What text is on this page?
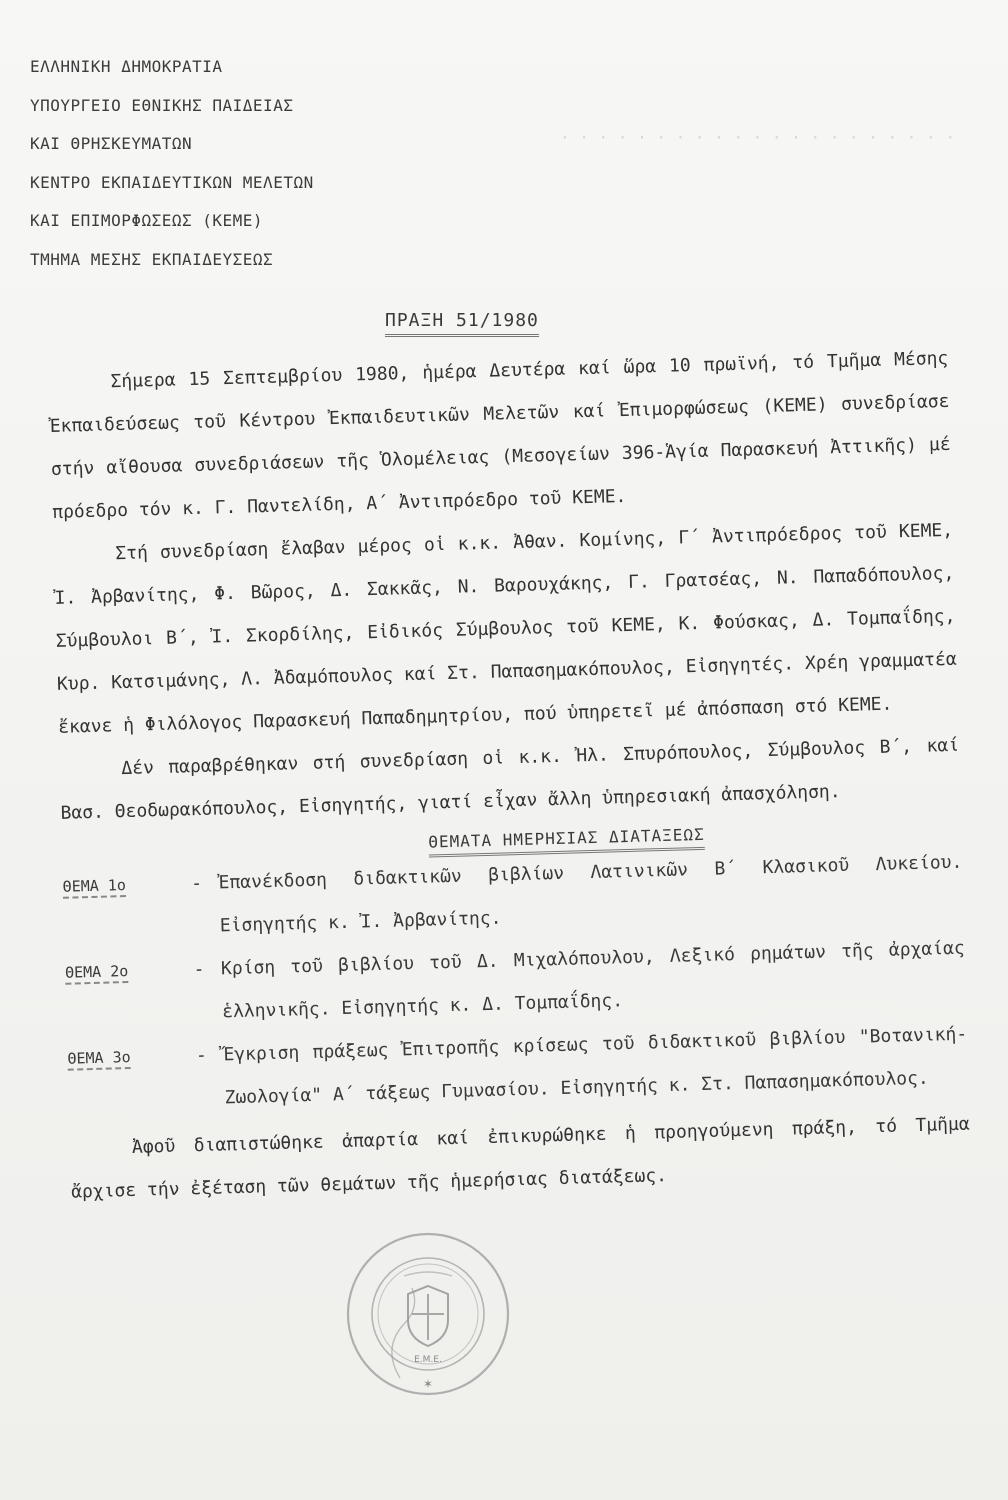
· · · · · · · · · · · · · · · · · · · · ·
ΕΛΛΗΝΙΚΗ ΔΗΜΟΚΡΑΤΙΑ
ΥΠΟΥΡΓΕΙΟ ΕΘΝΙΚΗΣ ΠΑΙΔΕΙΑΣ
ΚΑΙ ΘΡΗΣΚΕΥΜΑΤΩΝ
ΚΕΝΤΡΟ ΕΚΠΑΙΔΕΥΤΙΚΩΝ ΜΕΛΕΤΩΝ
ΚΑΙ ΕΠΙΜΟΡΦΩΣΕΩΣ (ΚΕΜΕ)
ΤΜΗΜΑ ΜΕΣΗΣ ΕΚΠΑΙΔΕΥΣΕΩΣ
ΠΡΑΞΗ 51/1980

Σήμερα 15 Σεπτεμβρίου 1980, ἡμέρα Δευτέρα καί ὥρα 10 πρωϊνή, τό Τμῆμα Μέσης Ἐκπαιδεύσεως τοῦ Κέντρου Ἐκπαιδευτικῶν Μελετῶν καί Ἐπιμορφώσεως (ΚΕΜΕ) συνεδρίασε στήν αἴθουσα συνεδριάσεων τῆς Ὁλομέλειας (Μεσογείων 396-Ἁγία Παρασκευή Ἀττικῆς) μέ πρόεδρο τόν κ. Γ. Παντελίδη, Α΄ Ἀντιπρόεδρο τοῦ ΚΕΜΕ.

Στή συνεδρίαση ἔλαβαν μέρος οἱ κ.κ. Ἀθαν. Κομίνης, Γ΄ Ἀντιπρόεδρος τοῦ ΚΕΜΕ, Ἰ. Ἀρβανίτης, Φ. Βῶρος, Δ. Σακκᾶς, Ν. Βαρουχάκης, Γ. Γρατσέας, Ν. Παπαδόπουλος, Σύμβουλοι Β΄, Ἰ. Σκορδίλης, Εἰδικός Σύμβουλος τοῦ ΚΕΜΕ, Κ. Φούσκας, Δ. Τομπαΐδης, Κυρ. Κατσιμάνης, Λ. Ἀδαμόπουλος καί Στ. Παπασημακόπουλος, Εἰσηγητές. Χρέη γραμματέα ἔκανε ἡ Φιλόλογος Παρασκευή Παπαδημητρίου, πού ὑπηρετεῖ μέ ἀπόσπαση στό ΚΕΜΕ.

Δέν παραβρέθηκαν στή συνεδρίαση οἱ κ.κ. Ἠλ. Σπυρόπουλος, Σύμβουλος Β΄, καί Βασ. Θεοδωρακόπουλος, Εἰσηγητής, γιατί εἶχαν ἄλλη ὑπηρεσιακή ἀπασχόληση.

ΘΕΜΑΤΑ ΗΜΕΡΗΣΙΑΣ ΔΙΑΤΑΞΕΩΣ
ΘΕΜΑ 1ο	- Ἐπανέκδοση διδακτικῶν βιβλίων Λατινικῶν Β΄ Κλασικοῦ Λυκείου. Εἰσηγητής κ. Ἰ. Ἀρβανίτης.
ΘΕΜΑ 2ο	- Κρίση τοῦ βιβλίου τοῦ Δ. Μιχαλόπουλου, Λεξικό ρημάτων τῆς ἀρχαίας ἑλληνικῆς. Εἰσηγητής κ. Δ. Τομπαΐδης.
ΘΕΜΑ 3ο	- Ἔγκριση πράξεως Ἐπιτροπῆς κρίσεως τοῦ διδακτικοῦ βιβλίου "Βοτανική-Ζωολογία" Α΄ τάξεως Γυμνασίου. Εἰσηγητής κ. Στ. Παπασημακόπουλος.

Ἀφοῦ διαπιστώθηκε ἀπαρτία καί ἐπικυρώθηκε ἡ προηγούμενη πράξη, τό Τμῆμα ἄρχισε τήν ἐξέταση τῶν θεμάτων τῆς ἡμερήσιας διατάξεως.

Ε.Μ.Ε.
✶
